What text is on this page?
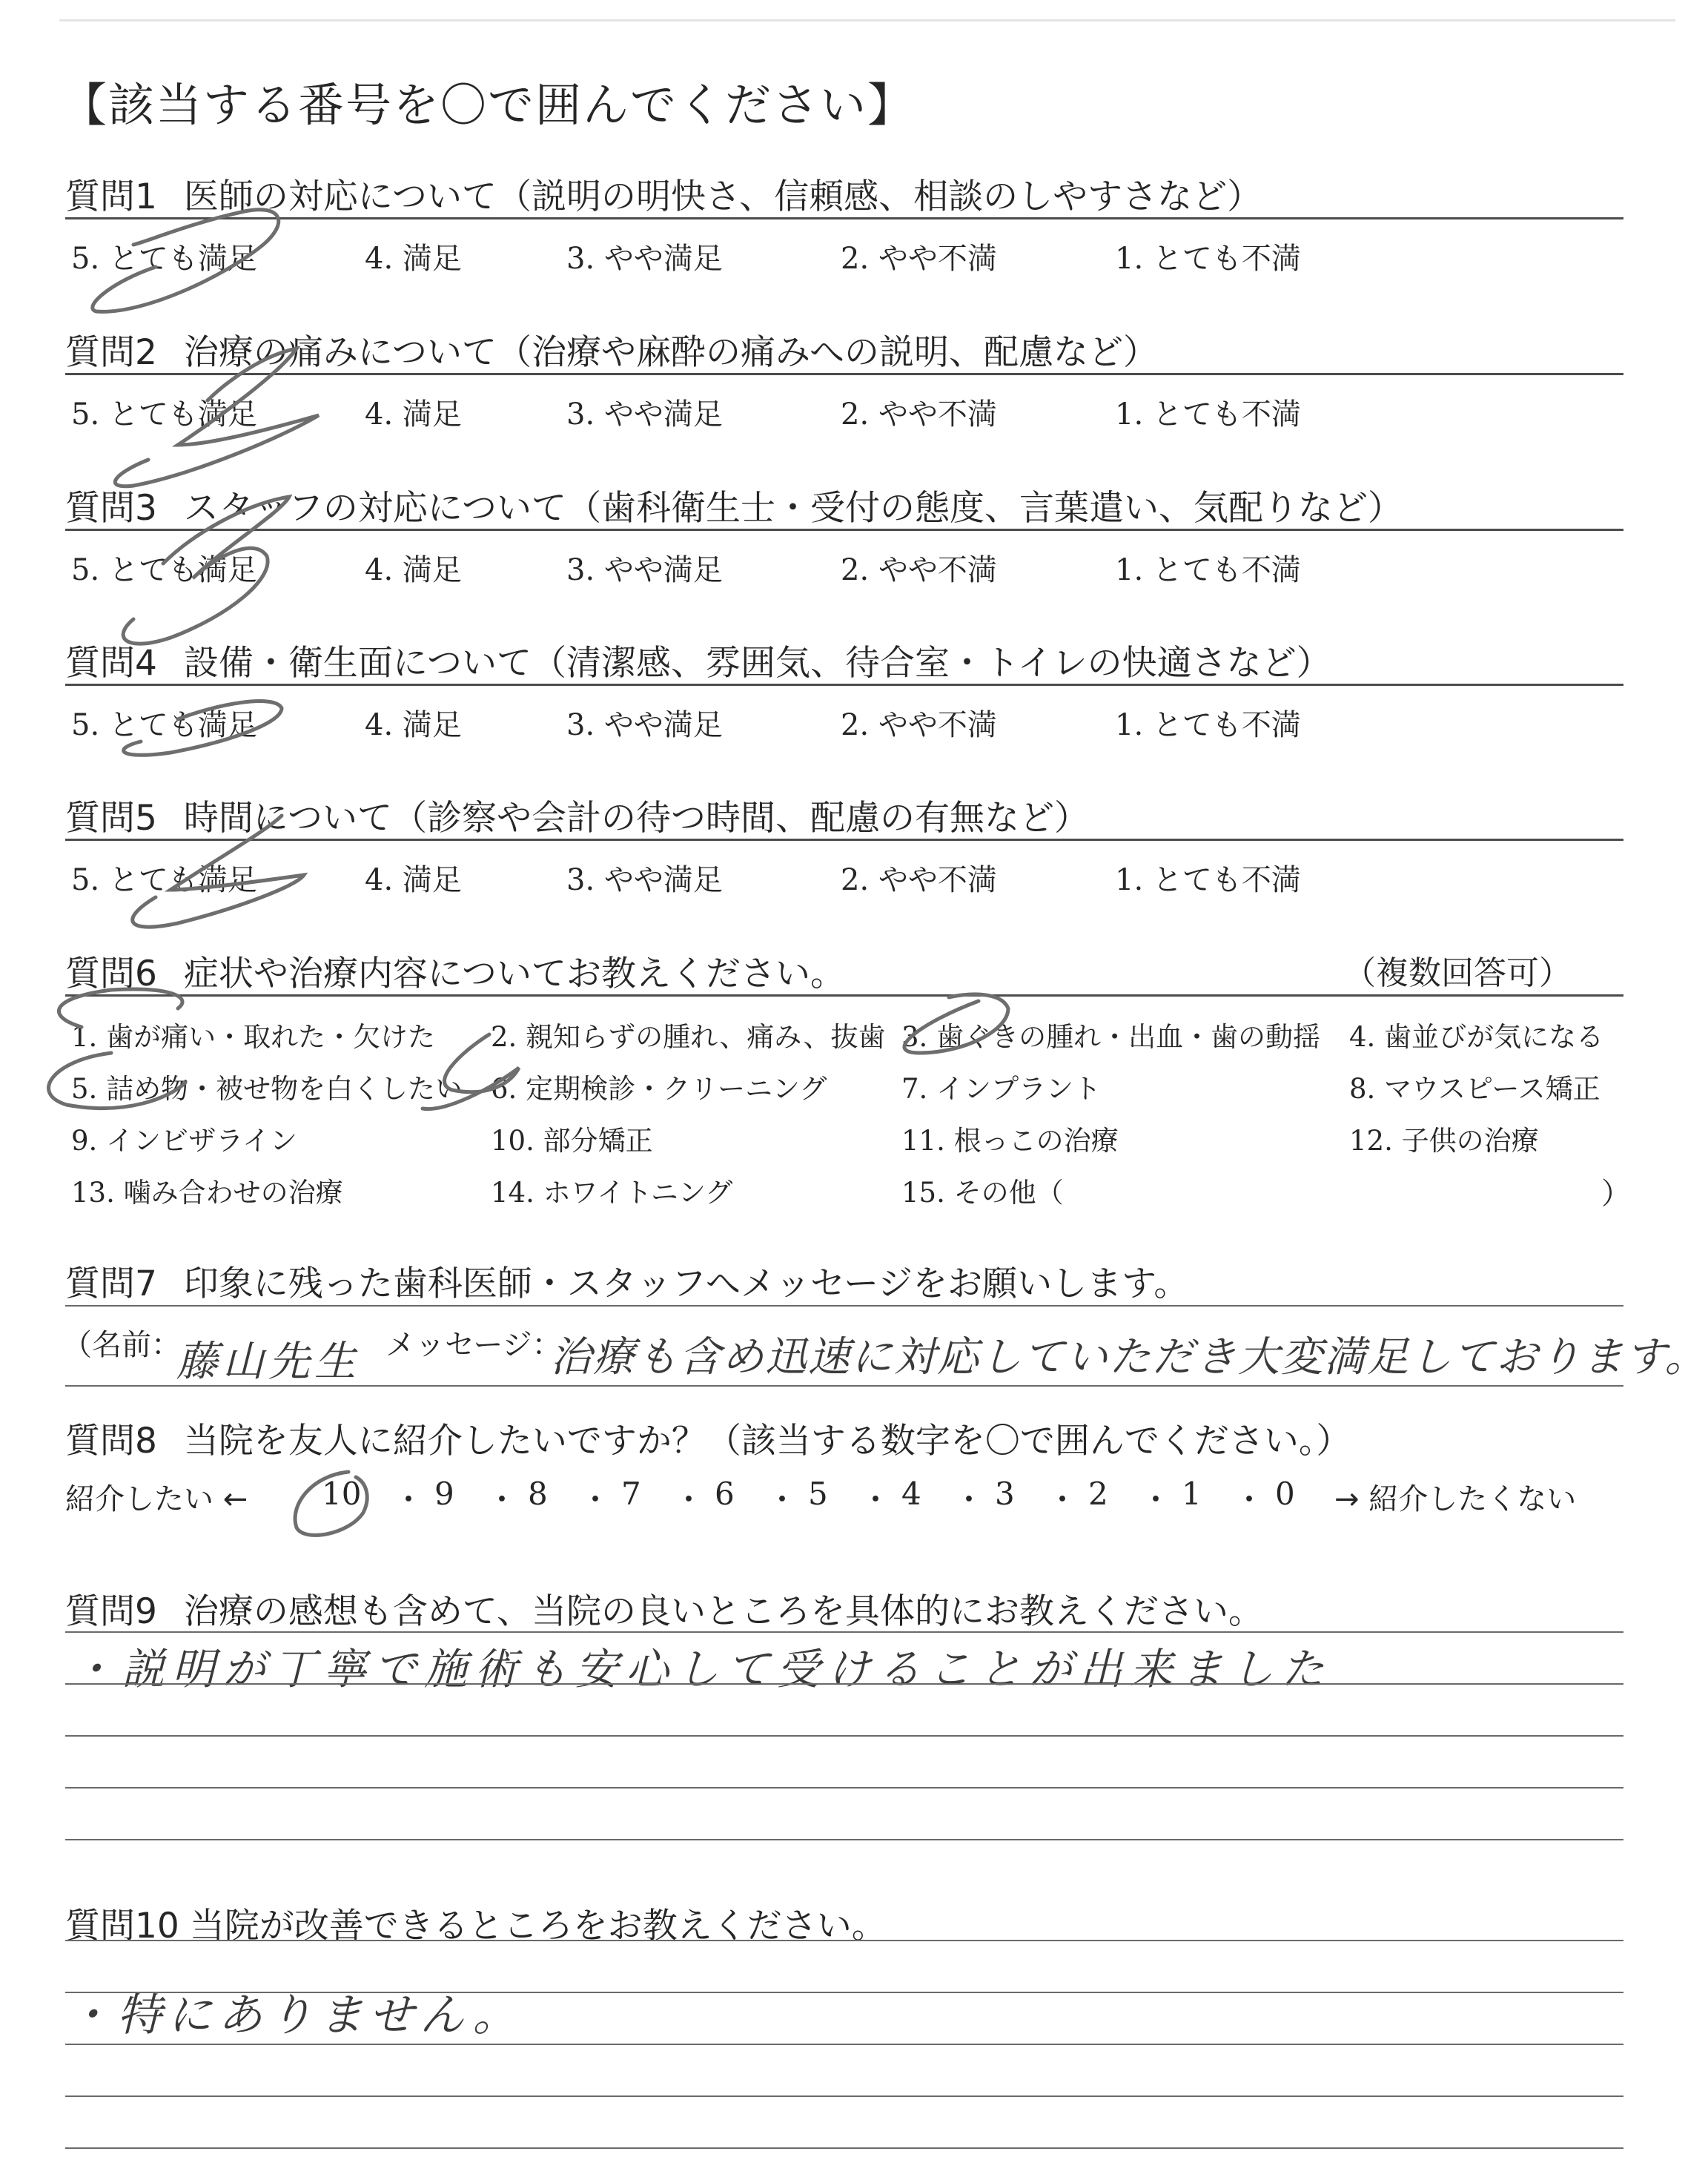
【該当する番号を〇で囲んでください】
質問1 医師の対応について（説明の明快さ、信頼感、相談のしやすさなど）
5. とても満足	4. 満足	3. やや満足	2. やや不満	1. とても不満
質問2 治療の痛みについて（治療や麻酔の痛みへの説明、配慮など）
5. とても満足	4. 満足	3. やや満足	2. やや不満	1. とても不満
質問3 スタッフの対応について（歯科衛生士・受付の態度、言葉遣い、気配りなど）
5. とても満足	4. 満足	3. やや満足	2. やや不満	1. とても不満
質問4 設備・衛生面について（清潔感、雰囲気、待合室・トイレの快適さなど）
5. とても満足	4. 満足	3. やや満足	2. やや不満	1. とても不満
質問5 時間について（診察や会計の待つ時間、配慮の有無など）
5. とても満足	4. 満足	3. やや満足	2. やや不満	1. とても不満
質問6 症状や治療内容についてお教えください。	（複数回答可）
1. 歯が痛い・取れた・欠けた 2. 親知らずの腫れ、痛み、抜歯 3. 歯ぐきの腫れ・出血・歯の動揺 4. 歯並びが気になる
5. 詰め物・被せ物を白くしたい 6. 定期検診・クリーニング	7. インプラント	8. マウスピース矯正
9. インビザライン	10. 部分矯正	11. 根っこの治療	12. 子供の治療
13. 噛み合わせの治療	14. ホワイトニング	15. その他（	）
質問7 印象に残った歯科医師・スタッフへメッセージをお願いします。
（名前：
藤山先生 メッセージ：
治療も含め迅速に対応していただき大変満足しております。
質問8 当院を友人に紹介したいですか？（該当する数字を〇で囲んでください。）
紹介したい ← 10 ・ 9 ・ 8 ・ 7 ・ 6 ・ 5 ・ 4 ・ 3 ・ 2 ・ 1 ・ 0 → 紹介したくない
質問9 治療の感想も含めて、当院の良いところを具体的にお教えください。
・説明が丁寧で施術も安心して受けることが出来ました
質問10 当院が改善できるところをお教えください。
・特にありません。
